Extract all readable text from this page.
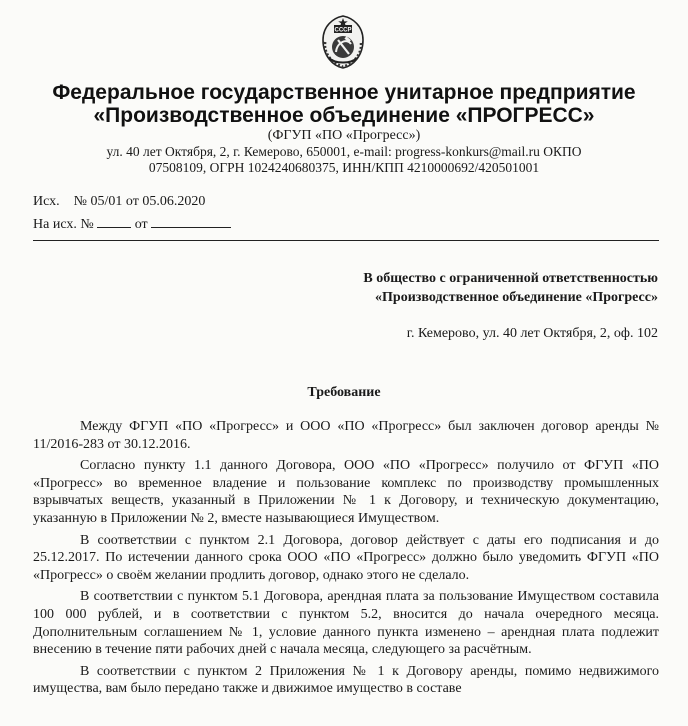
СССР
Федеральное государственное унитарное предприятие
«Производственное объединение «ПРОГРЕСС»
(ФГУП «ПО «Прогресс»)
ул. 40 лет Октября, 2, г. Кемерово, 650001, e-mail: progress-konkurs@mail.ru ОКПО
07508109, ОГРН 1024240680375, ИНН/КПП 4210000692/420501001
Исх. № 05/01 от 05.06.2020
На исх. №	от
В общество с ограниченной ответственностью
«Производственное объединение «Прогресс»
г. Кемерово, ул. 40 лет Октября, 2, оф. 102
Требование

Между ФГУП «ПО «Прогресс» и ООО «ПО «Прогресс» был заключен договор аренды № 11/2016-283 от 30.12.2016.

Согласно пункту 1.1 данного Договора, ООО «ПО «Прогресс» получило от ФГУП «ПО «Прогресс» во временное владение и пользование комплекс по производству промышленных взрывчатых веществ, указанный в Приложении № 1 к Договору, и техническую документацию, указанную в Приложении № 2, вместе называющиеся Имуществом.

В соответствии с пунктом 2.1 Договора, договор действует с даты его подписания и до 25.12.2017. По истечении данного срока ООО «ПО «Прогресс» должно было уведомить ФГУП «ПО «Прогресс» о своём желании продлить договор, однако этого не сделало.

В соответствии с пунктом 5.1 Договора, арендная плата за пользование Имуществом составила 100 000 рублей, и в соответствии с пунктом 5.2, вносится до начала очередного месяца. Дополнительным соглашением № 1, условие данного пункта изменено – арендная плата подлежит внесению в течение пяти рабочих дней с начала месяца, следующего за расчётным.

В соответствии с пунктом 2 Приложения № 1 к Договору аренды, помимо недвижимого имущества, вам было передано также и движимое имущество в составе
